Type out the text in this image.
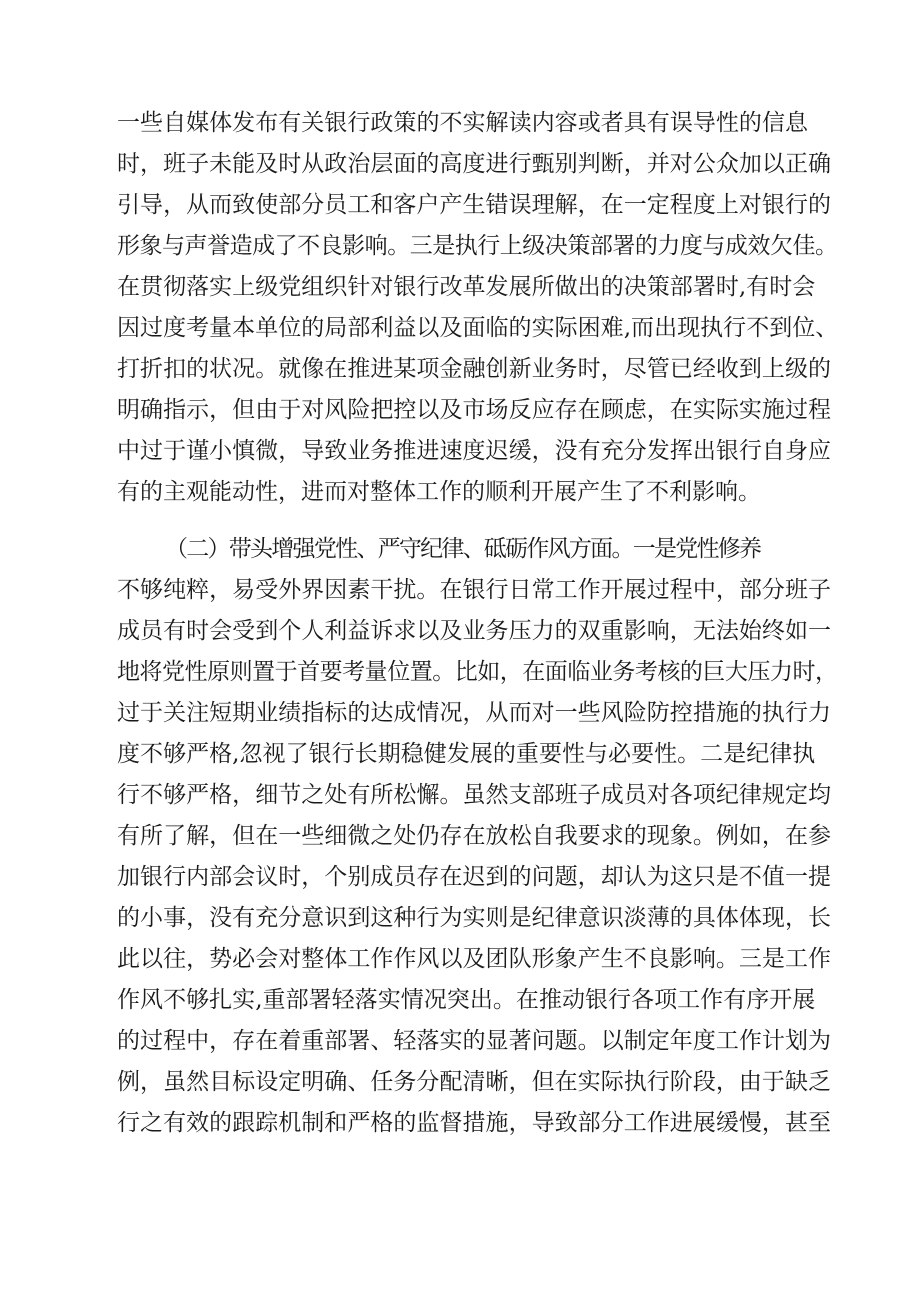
一些自媒体发布有关银行政策的不实解读内容或者具有误导性的信息
时，班子未能及时从政治层面的高度进行甄别判断，并对公众加以正确
引导，从而致使部分员工和客户产生错误理解，在一定程度上对银行的
形象与声誉造成了不良影响。三是执行上级决策部署的力度与成效欠佳。
在贯彻落实上级党组织针对银行改革发展所做出的决策部署时,有时会
因过度考量本单位的局部利益以及面临的实际困难,而出现执行不到位、
打折扣的状况。就像在推进某项金融创新业务时，尽管已经收到上级的
明确指示，但由于对风险把控以及市场反应存在顾虑，在实际实施过程
中过于谨小慎微，导致业务推进速度迟缓，没有充分发挥出银行自身应
有的主观能动性，进而对整体工作的顺利开展产生了不利影响。
（二）带头增强党性、严守纪律、砥砺作风方面。一是党性修养
不够纯粹，易受外界因素干扰。在银行日常工作开展过程中，部分班子
成员有时会受到个人利益诉求以及业务压力的双重影响，无法始终如一
地将党性原则置于首要考量位置。比如，在面临业务考核的巨大压力时，
过于关注短期业绩指标的达成情况，从而对一些风险防控措施的执行力
度不够严格,忽视了银行长期稳健发展的重要性与必要性。二是纪律执
行不够严格，细节之处有所松懈。虽然支部班子成员对各项纪律规定均
有所了解，但在一些细微之处仍存在放松自我要求的现象。例如，在参
加银行内部会议时，个别成员存在迟到的问题，却认为这只是不值一提
的小事，没有充分意识到这种行为实则是纪律意识淡薄的具体体现，长
此以往，势必会对整体工作作风以及团队形象产生不良影响。三是工作
作风不够扎实,重部署轻落实情况突出。在推动银行各项工作有序开展
的过程中，存在着重部署、轻落实的显著问题。以制定年度工作计划为
例，虽然目标设定明确、任务分配清晰，但在实际执行阶段，由于缺乏
行之有效的跟踪机制和严格的监督措施，导致部分工作进展缓慢，甚至
